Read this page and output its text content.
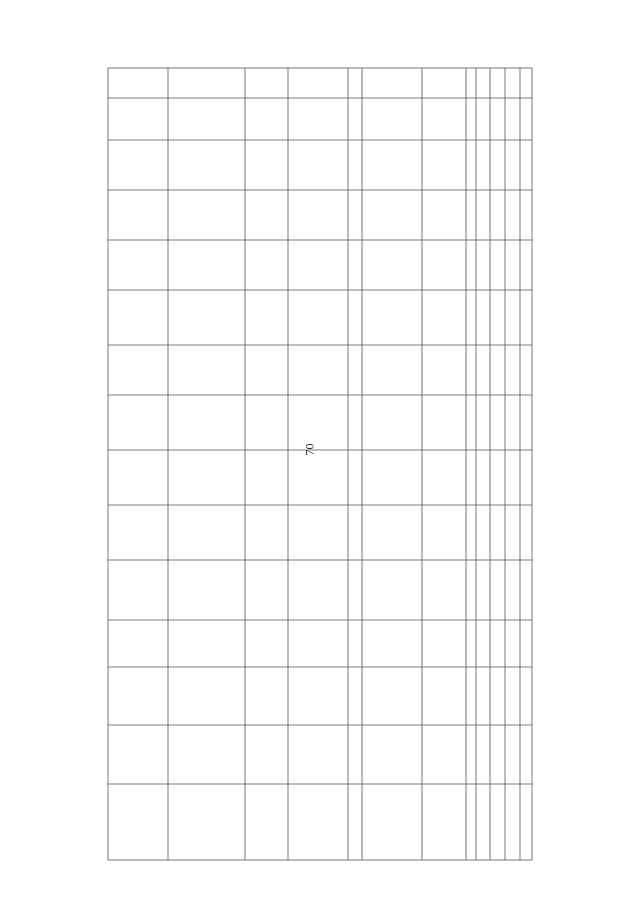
70
